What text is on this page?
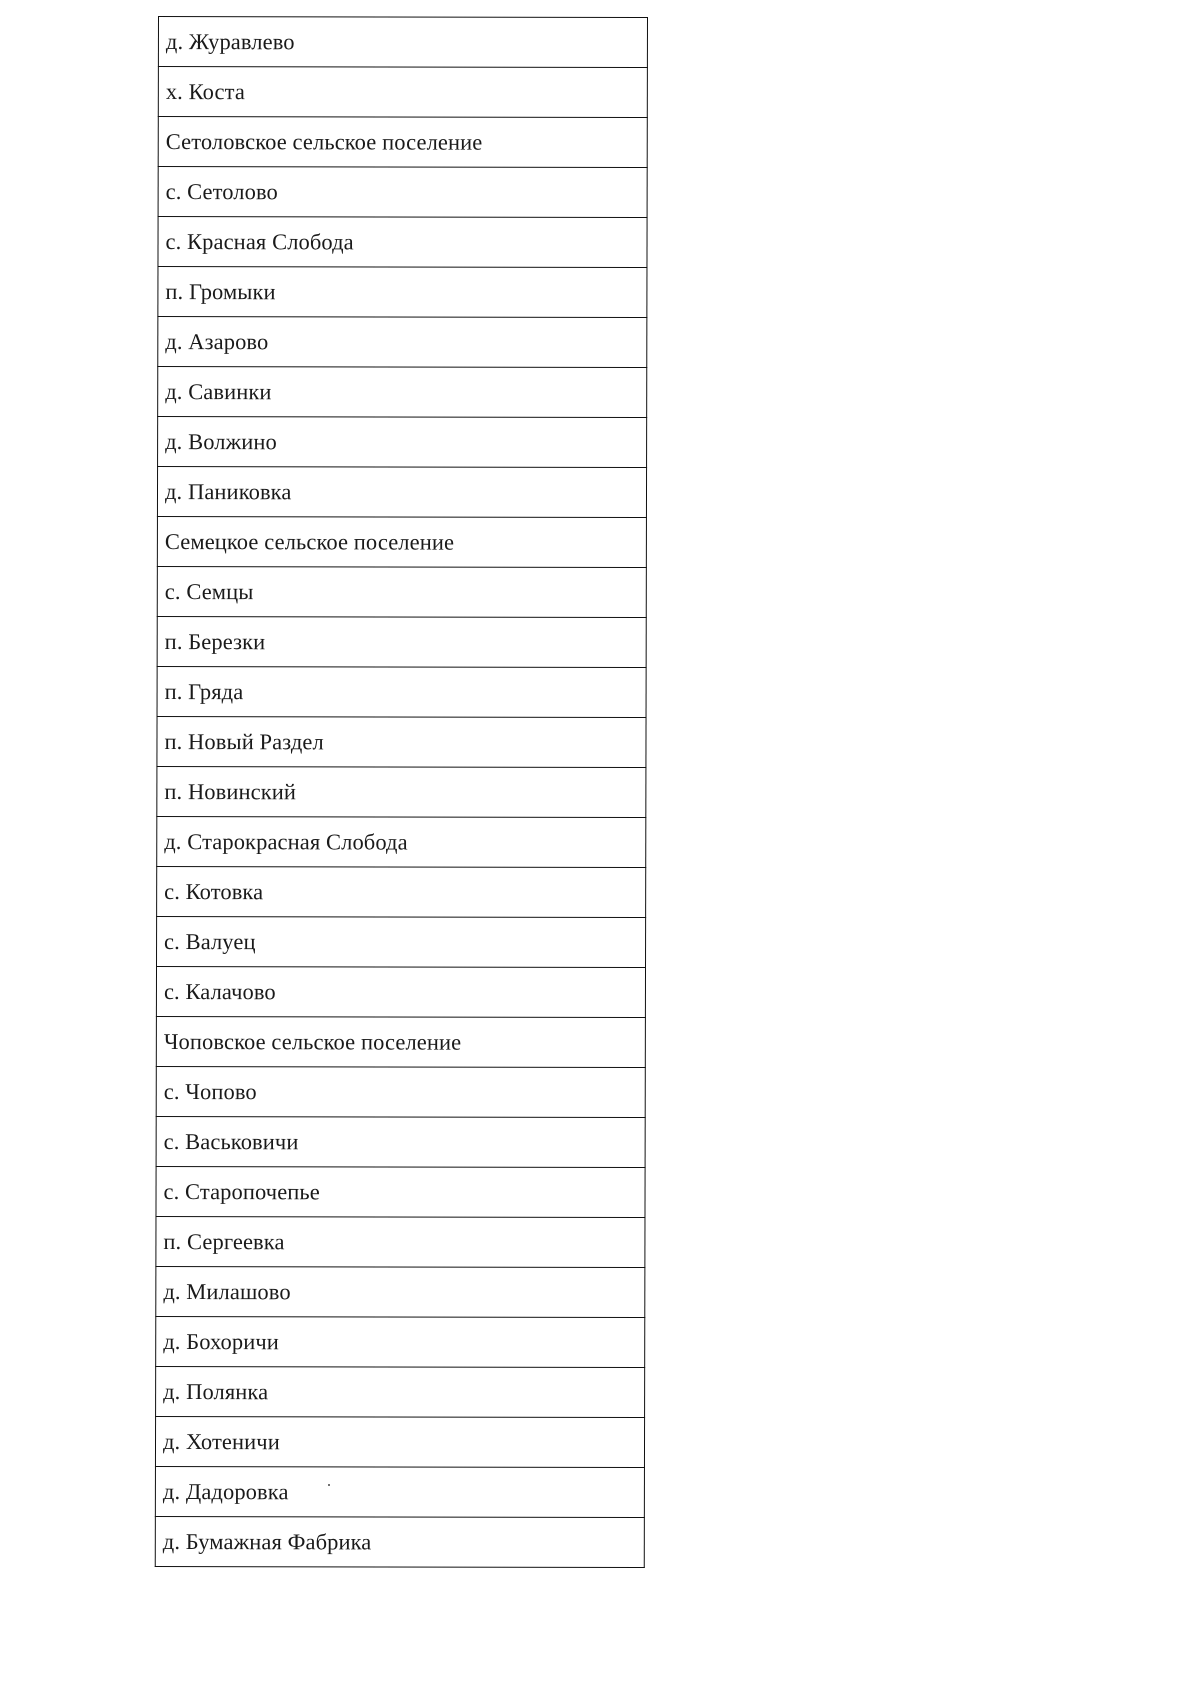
д. Журавлево
х. Коста
Сетоловское сельское поселение
с. Сетолово
с. Красная Слобода
п. Громыки
д. Азарово
д. Савинки
д. Волжино
д. Паниковка
Семецкое сельское поселение
с. Семцы
п. Березки
п. Гряда
п. Новый Раздел
п. Новинский
д. Старокрасная Слобода
с. Котовка
с. Валуец
с. Калачово
Чоповское сельское поселение
с. Чопово
с. Васьковичи
с. Старопочепье
п. Сергеевка
д. Милашово
д. Бохоричи
д. Полянка
д. Хотеничи
д. Дадоровка
д. Бумажная Фабрика
